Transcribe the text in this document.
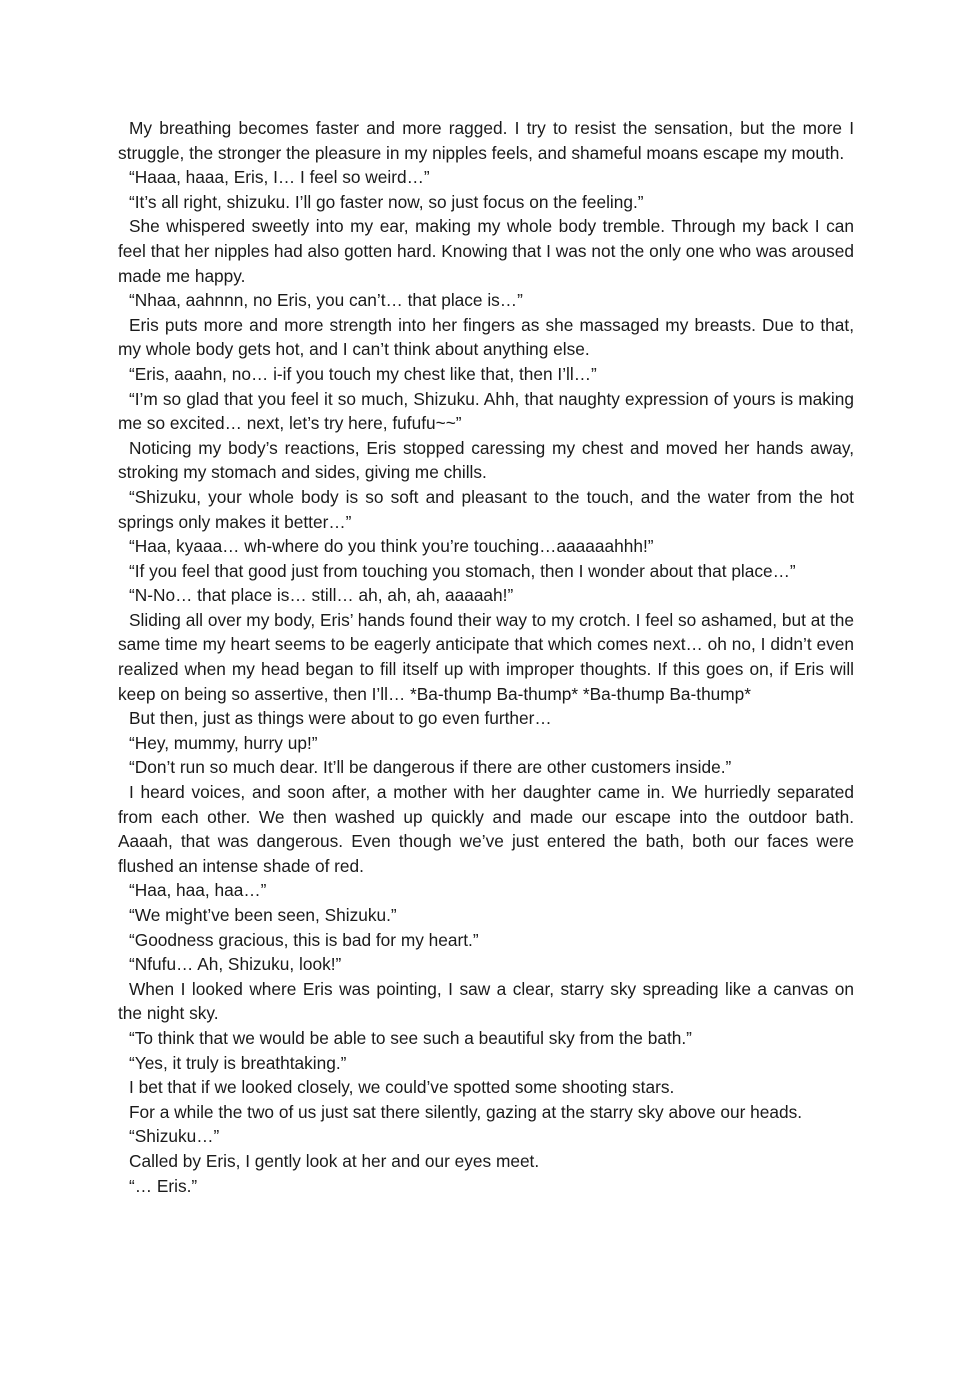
My breathing becomes faster and more ragged. I try to resist the sensation, but the more I struggle, the stronger the pleasure in my nipples feels, and shameful moans escape my mouth.

“Haaa, haaa, Eris, I… I feel so weird…”

“It’s all right, shizuku. I’ll go faster now, so just focus on the feeling.”

She whispered sweetly into my ear, making my whole body tremble. Through my back I can feel that her nipples had also gotten hard. Knowing that I was not the only one who was aroused made me happy.

“Nhaa, aahnnn, no Eris, you can’t… that place is…”

Eris puts more and more strength into her fingers as she massaged my breasts. Due to that, my whole body gets hot, and I can’t think about anything else.

“Eris, aaahn, no… i-if you touch my chest like that, then I’ll…”

“I’m so glad that you feel it so much, Shizuku. Ahh, that naughty expression of yours is making me so excited… next, let’s try here, fufufu~~”

Noticing my body’s reactions, Eris stopped caressing my chest and moved her hands away, stroking my stomach and sides, giving me chills.

“Shizuku, your whole body is so soft and pleasant to the touch, and the water from the hot springs only makes it better…”

“Haa, kyaaa… wh-where do you think you’re touching…aaaaaahhh!”

“If you feel that good just from touching you stomach, then I wonder about that place…”

“N-No… that place is… still… ah, ah, ah, aaaaah!”

Sliding all over my body, Eris’ hands found their way to my crotch. I feel so ashamed, but at the same time my heart seems to be eagerly anticipate that which comes next… oh no, I didn’t even realized when my head began to fill itself up with improper thoughts. If this goes on, if Eris will keep on being so assertive, then I’ll… *Ba-thump Ba-thump* *Ba-thump Ba-thump*

But then, just as things were about to go even further…

“Hey, mummy, hurry up!”

“Don’t run so much dear. It’ll be dangerous if there are other customers inside.”

I heard voices, and soon after, a mother with her daughter came in. We hurriedly separated from each other. We then washed up quickly and made our escape into the outdoor bath. Aaaah, that was dangerous. Even though we’ve just entered the bath, both our faces were flushed an intense shade of red.

“Haa, haa, haa…”

“We might’ve been seen, Shizuku.”

“Goodness gracious, this is bad for my heart.”

“Nfufu… Ah, Shizuku, look!”

When I looked where Eris was pointing, I saw a clear, starry sky spreading like a canvas on the night sky.

“To think that we would be able to see such a beautiful sky from the bath.”

“Yes, it truly is breathtaking.”

I bet that if we looked closely, we could’ve spotted some shooting stars.

For a while the two of us just sat there silently, gazing at the starry sky above our heads.

“Shizuku…”

Called by Eris, I gently look at her and our eyes meet.

“… Eris.”
